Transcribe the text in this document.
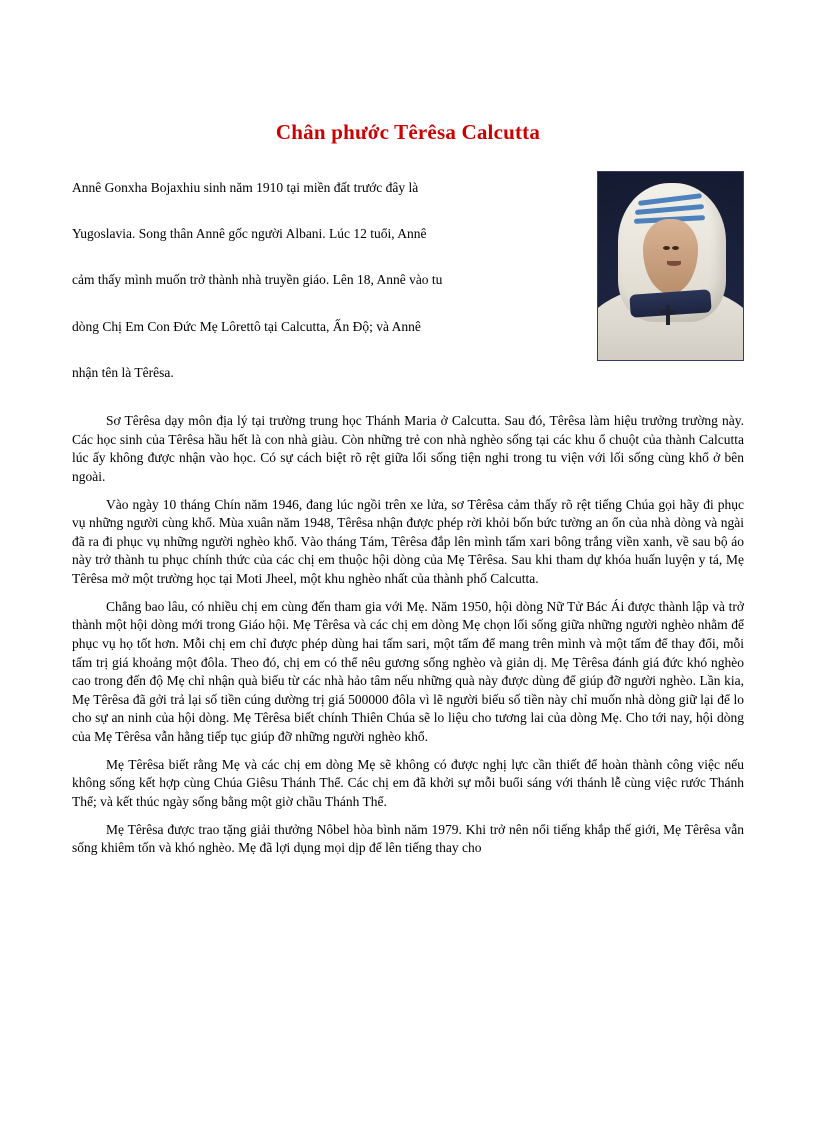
Chân phước Têrêsa Calcutta

Annê Gonxha Bojaxhiu sinh năm 1910 tại miền đất trước đây là

Yugoslavia. Song thân Annê gốc người Albani. Lúc 12 tuổi, Annê

cảm thấy mình muốn trở thành nhà truyền giáo. Lên 18, Annê vào tu

dòng Chị Em Con Đức Mẹ Lôrettô tại Calcutta, Ấn Độ; và Annê

nhận tên là Têrêsa.

Sơ Têrêsa dạy môn địa lý tại trường trung học Thánh Maria ở Calcutta. Sau đó, Têrêsa làm hiệu trưởng trường này. Các học sinh của Têrêsa hầu hết là con nhà giàu. Còn những trẻ con nhà nghèo sống tại các khu ổ chuột của thành Calcutta lúc ấy không được nhận vào học. Có sự cách biệt rõ rệt giữa lối sống tiện nghi trong tu viện với lối sống cùng khổ ở bên ngoài.

Vào ngày 10 tháng Chín năm 1946, đang lúc ngồi trên xe lửa, sơ Têrêsa cảm thấy rõ rệt tiếng Chúa gọi hãy đi phục vụ những người cùng khổ. Mùa xuân năm 1948, Têrêsa nhận được phép rời khỏi bốn bức tường an ổn của nhà dòng và ngài đã ra đi phục vụ những người nghèo khổ. Vào tháng Tám, Têrêsa đắp lên mình tấm xari bông trắng viền xanh, về sau bộ áo này trở thành tu phục chính thức của các chị em thuộc hội dòng của Mẹ Têrêsa. Sau khi tham dự khóa huấn luyện y tá, Mẹ Têrêsa mở một trường học tại Moti Jheel, một khu nghèo nhất của thành phố Calcutta.

Chẳng bao lâu, có nhiều chị em cùng đến tham gia với Mẹ. Năm 1950, hội dòng Nữ Tử Bác Ái được thành lập và trở thành một hội dòng mới trong Giáo hội. Mẹ Têrêsa và các chị em dòng Mẹ chọn lối sống giữa những người nghèo nhằm để phục vụ họ tốt hơn. Mỗi chị em chỉ được phép dùng hai tấm sari, một tấm để mang trên mình và một tấm để thay đổi, mỗi tấm trị giá khoảng một đôla. Theo đó, chị em có thể nêu gương sống nghèo và giản dị. Mẹ Têrêsa đánh giá đức khó nghèo cao trong đến độ Mẹ chỉ nhận quà biếu từ các nhà hảo tâm nếu những quà này được dùng để giúp đỡ người nghèo. Lần kia, Mẹ Têrêsa đã gởi trả lại số tiền cúng dường trị giá 500000 đôla vì lẽ người biếu số tiền này chỉ muốn nhà dòng giữ lại để lo cho sự an ninh của hội dòng. Mẹ Têrêsa biết chính Thiên Chúa sẽ lo liệu cho tương lai của dòng Mẹ. Cho tới nay, hội dòng của Mẹ Têrêsa vẫn hằng tiếp tục giúp đỡ những người nghèo khổ.

Mẹ Têrêsa biết rằng Mẹ và các chị em dòng Mẹ sẽ không có được nghị lực cần thiết để hoàn thành công việc nếu không sống kết hợp cùng Chúa Giêsu Thánh Thể. Các chị em đã khởi sự mỗi buổi sáng với thánh lễ cùng việc rước Thánh Thể; và kết thúc ngày sống bằng một giờ chầu Thánh Thể.

Mẹ Têrêsa được trao tặng giải thưởng Nôbel hòa bình năm 1979. Khi trở nên nổi tiếng khắp thế giới, Mẹ Têrêsa vẫn sống khiêm tốn và khó nghèo. Mẹ đã lợi dụng mọi dịp để lên tiếng thay cho
